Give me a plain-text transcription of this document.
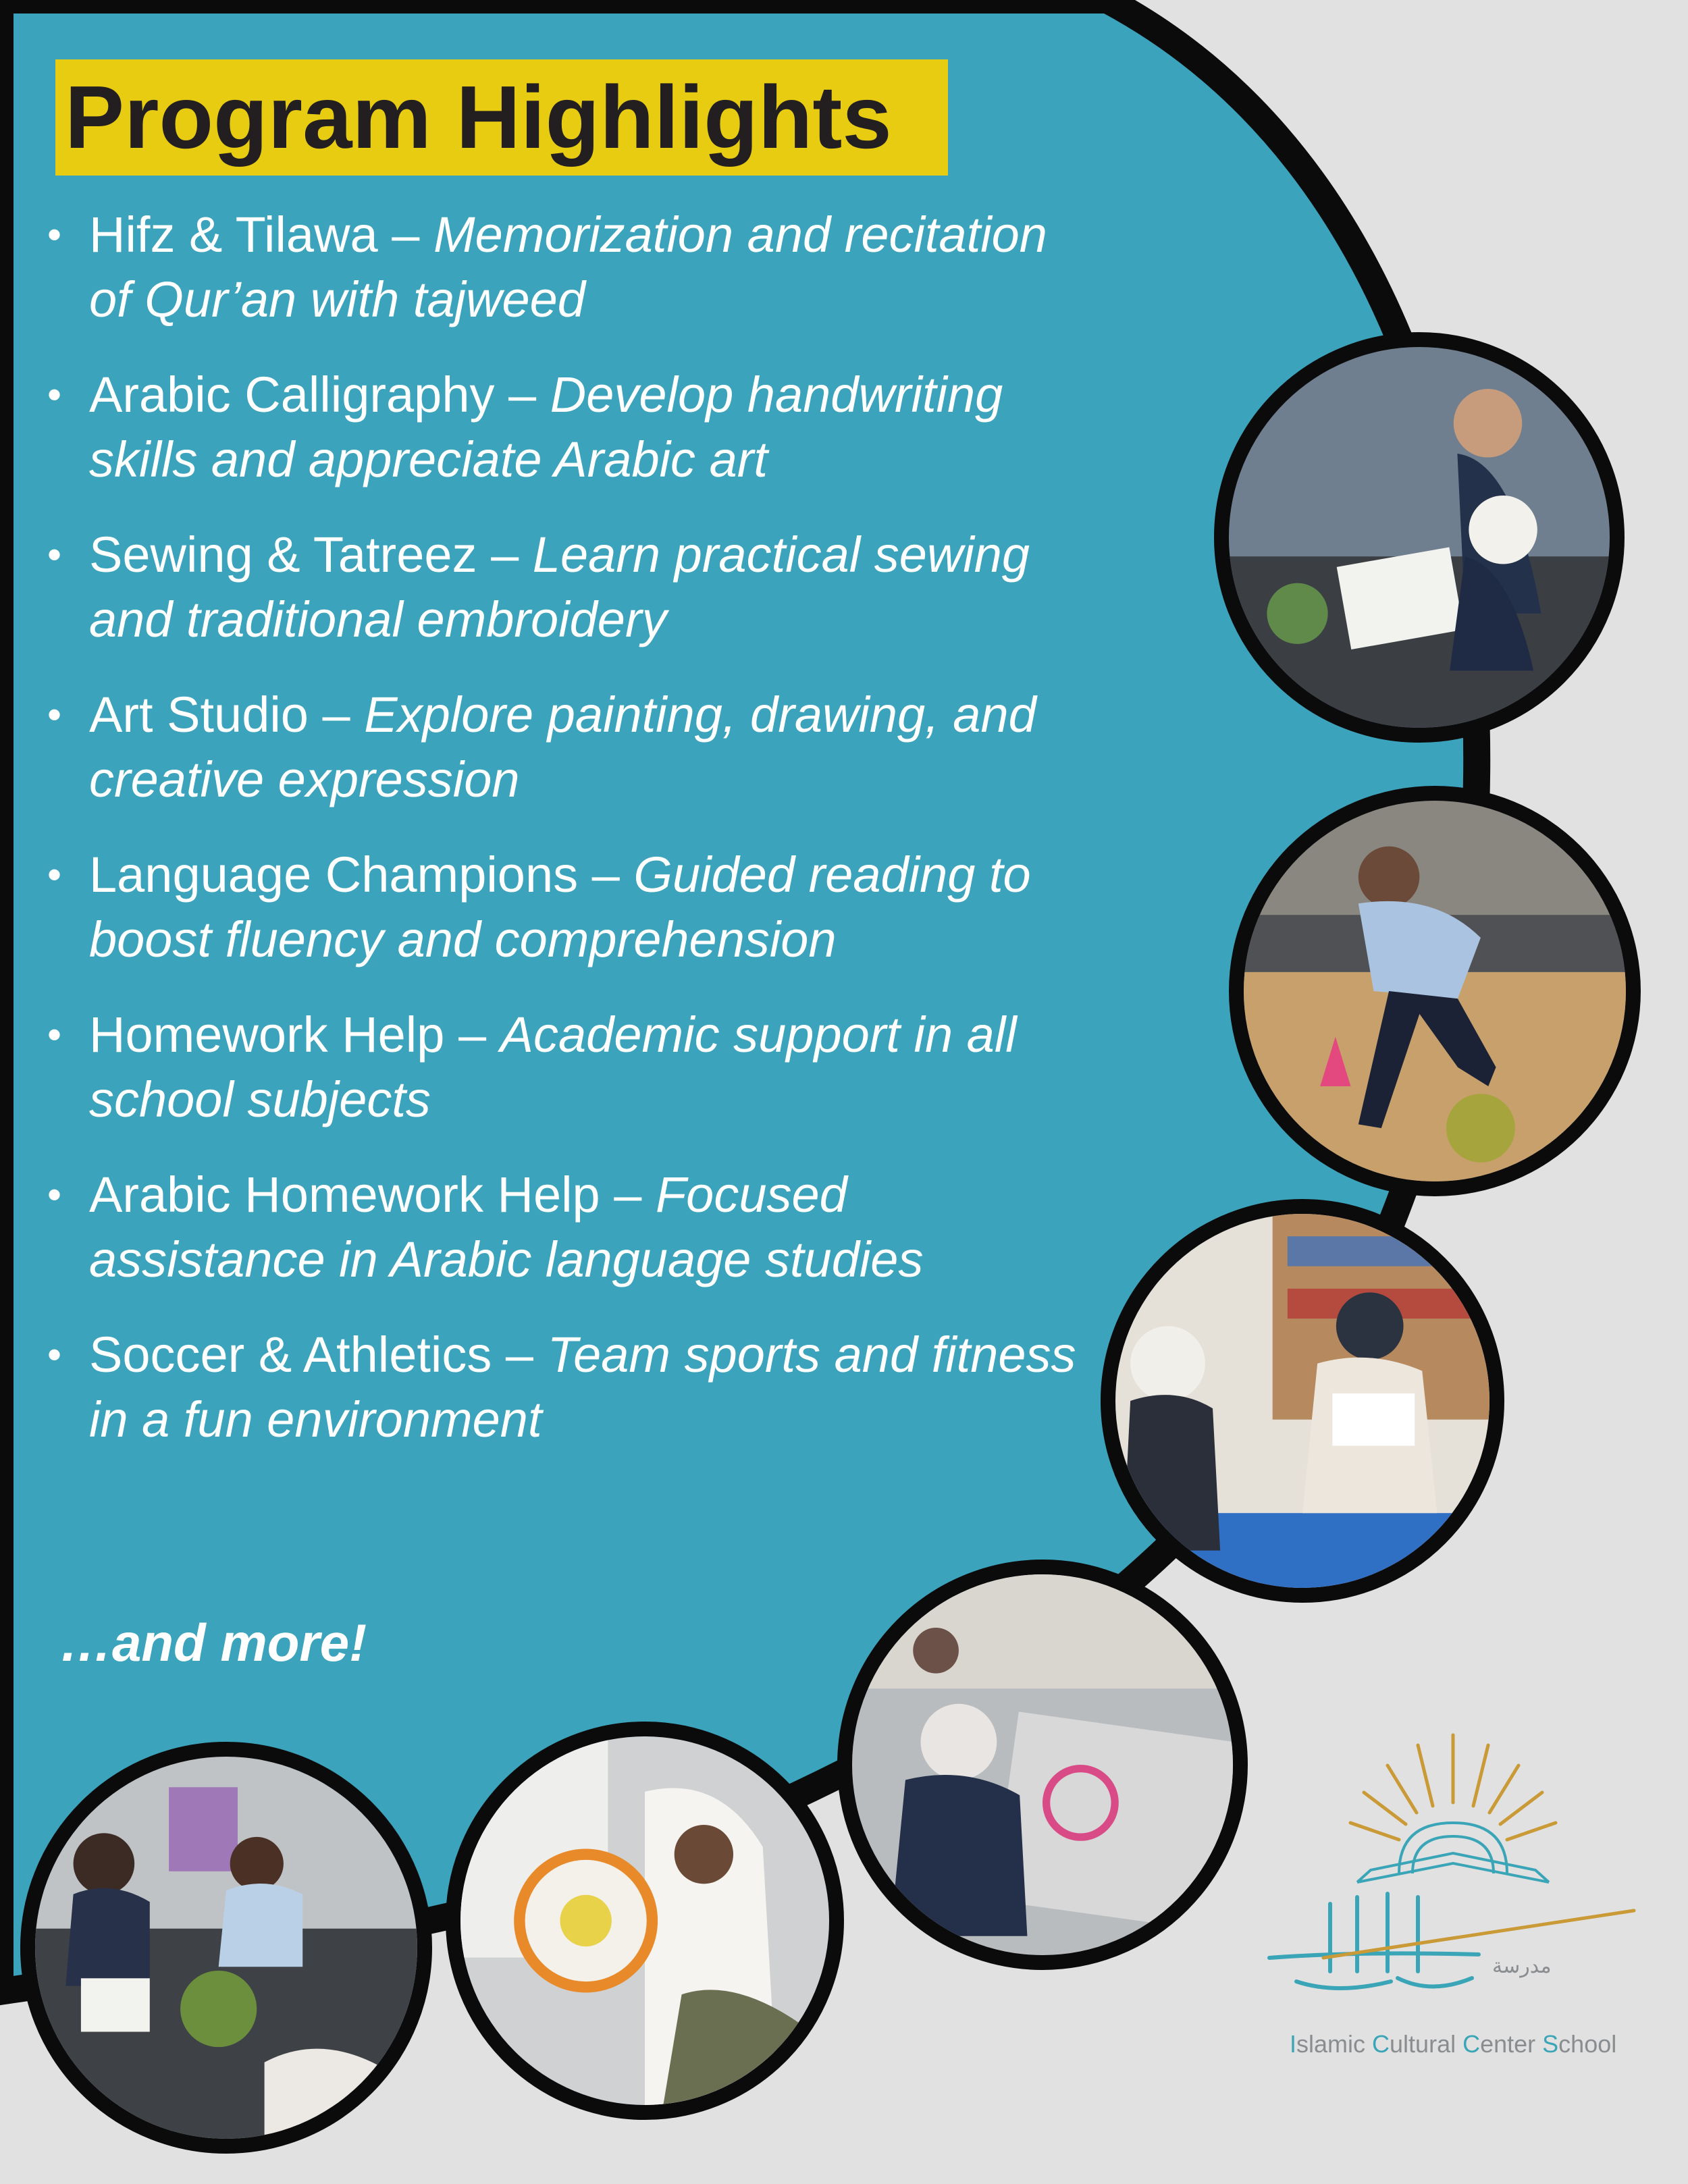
Program Highlights
• Hifz & Tilawa – Memorization and recitation of Qur’an with tajweed
• Arabic Calligraphy – Develop handwriting skills and appreciate Arabic art
• Sewing & Tatreez – Learn practical sewing and traditional embroidery
• Art Studio – Explore painting, drawing, and creative expression
• Language Champions – Guided reading to boost fluency and comprehension
• Homework Help – Academic support in all school subjects
• Arabic Homework Help – Focused assistance in Arabic language studies
• Soccer & Athletics – Team sports and fitness in a fun environment
…and more!
مدرسة
Islamic Cultural Center School
